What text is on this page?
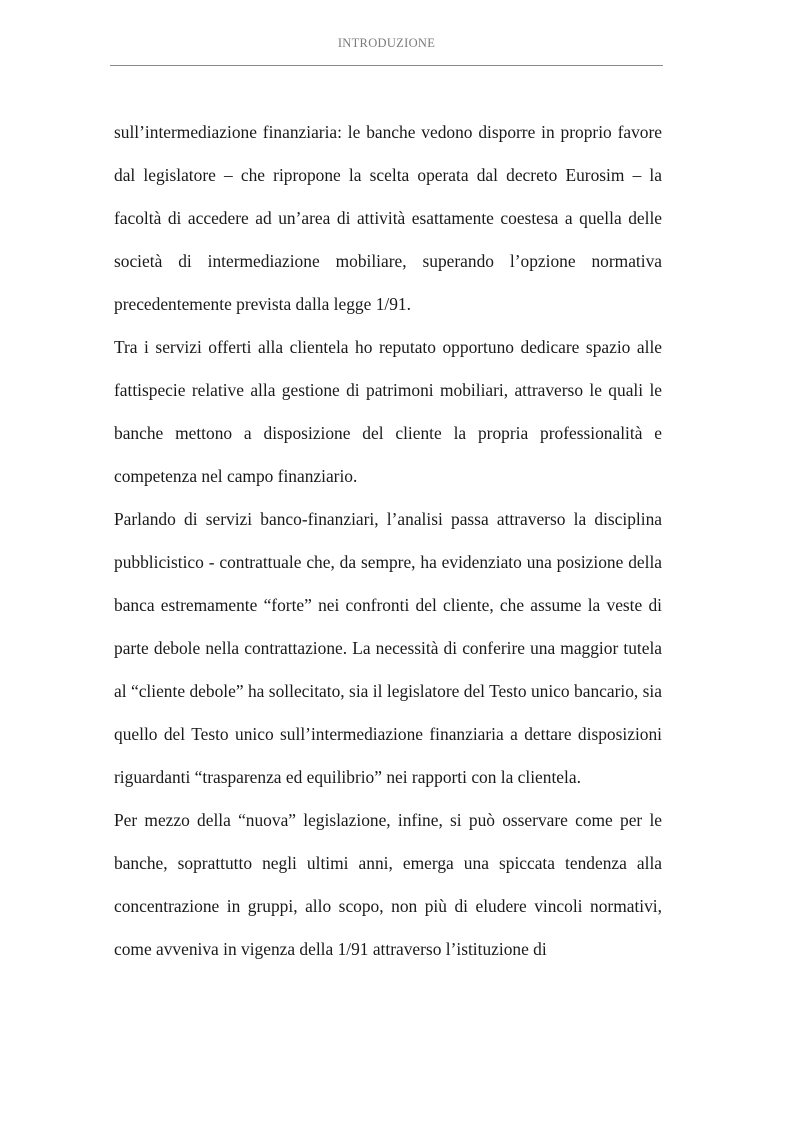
INTRODUZIONE

sull’intermediazione finanziaria: le banche vedono disporre in proprio favore dal legislatore – che ripropone la scelta operata dal decreto Eurosim – la facoltà di accedere ad un’area di attività esattamente coestesa a quella delle società di intermediazione mobiliare, superando l’opzione normativa precedentemente prevista dalla legge 1/91.

Tra i servizi offerti alla clientela ho reputato opportuno dedicare spazio alle fattispecie relative alla gestione di patrimoni mobiliari, attraverso le quali le banche mettono a disposizione del cliente la propria professionalità e competenza nel campo finanziario.

Parlando di servizi banco-finanziari, l’analisi passa attraverso la disciplina pubblicistico - contrattuale che, da sempre, ha evidenziato una posizione della banca estremamente “forte” nei confronti del cliente, che assume la veste di parte debole nella contrattazione. La necessità di conferire una maggior tutela al “cliente debole” ha sollecitato, sia il legislatore del Testo unico bancario, sia quello del Testo unico sull’intermediazione finanziaria a dettare disposizioni riguardanti “trasparenza ed equilibrio” nei rapporti con la clientela.

Per mezzo della “nuova” legislazione, infine, si può osservare come per le banche, soprattutto negli ultimi anni, emerga una spiccata tendenza alla concentrazione in gruppi, allo scopo, non più di eludere vincoli normativi, come avveniva in vigenza della 1/91 attraverso l’istituzione di
